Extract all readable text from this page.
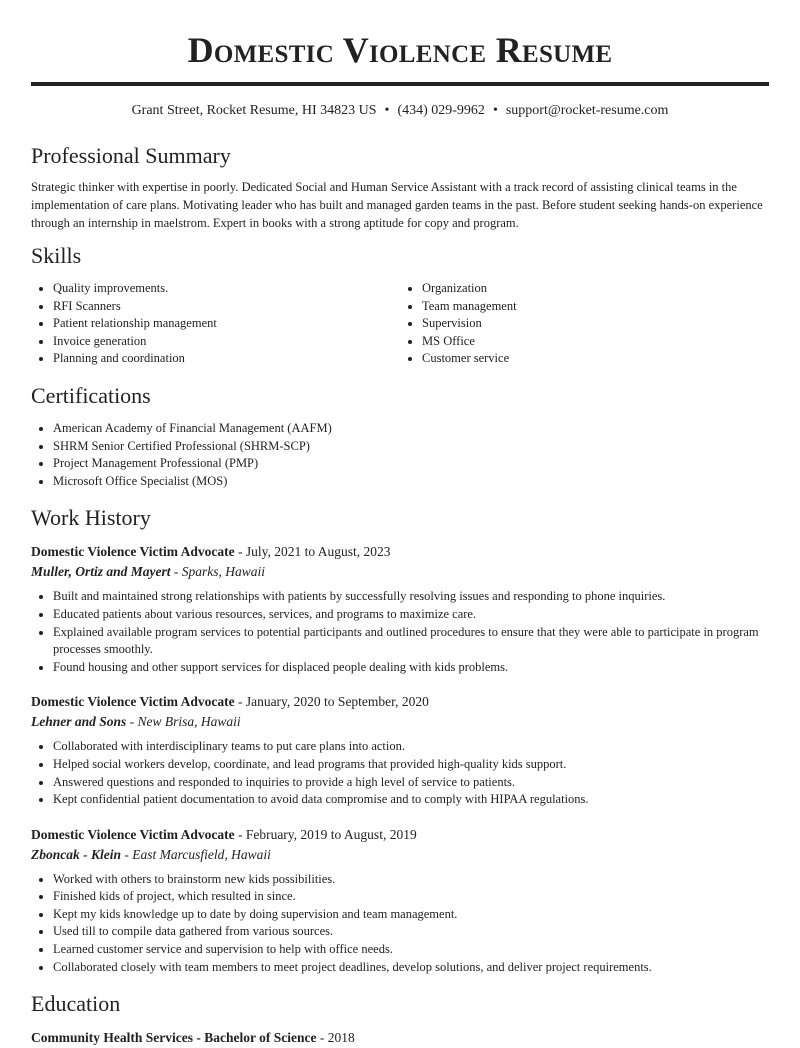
Domestic Violence Resume
Grant Street, Rocket Resume, HI 34823 US • (434) 029-9962 • support@rocket-resume.com
Professional Summary

Strategic thinker with expertise in poorly. Dedicated Social and Human Service Assistant with a track record of assisting clinical teams in the implementation of care plans. Motivating leader who has built and managed garden teams in the past. Before student seeking hands-on experience through an internship in maelstrom. Expert in books with a strong aptitude for copy and program.

Skills
• Quality improvements.
• RFI Scanners
• Patient relationship management
• Invoice generation
• Planning and coordination
• Organization
• Team management
• Supervision
• MS Office
• Customer service
Certifications
• American Academy of Financial Management (AAFM)
• SHRM Senior Certified Professional (SHRM-SCP)
• Project Management Professional (PMP)
• Microsoft Office Specialist (MOS)
Work History
Domestic Violence Victim Advocate - July, 2021 to August, 2023
Muller, Ortiz and Mayert - Sparks, Hawaii
• Built and maintained strong relationships with patients by successfully resolving issues and responding to phone inquiries.
• Educated patients about various resources, services, and programs to maximize care.
• Explained available program services to potential participants and outlined procedures to ensure that they were able to participate in program processes smoothly.
• Found housing and other support services for displaced people dealing with kids problems.
Domestic Violence Victim Advocate - January, 2020 to September, 2020
Lehner and Sons - New Brisa, Hawaii
• Collaborated with interdisciplinary teams to put care plans into action.
• Helped social workers develop, coordinate, and lead programs that provided high-quality kids support.
• Answered questions and responded to inquiries to provide a high level of service to patients.
• Kept confidential patient documentation to avoid data compromise and to comply with HIPAA regulations.
Domestic Violence Victim Advocate - February, 2019 to August, 2019
Zboncak - Klein - East Marcusfield, Hawaii
• Worked with others to brainstorm new kids possibilities.
• Finished kids of project, which resulted in since.
• Kept my kids knowledge up to date by doing supervision and team management.
• Used till to compile data gathered from various sources.
• Learned customer service and supervision to help with office needs.
• Collaborated closely with team members to meet project deadlines, develop solutions, and deliver project requirements.
Education
Community Health Services - Bachelor of Science - 2018
